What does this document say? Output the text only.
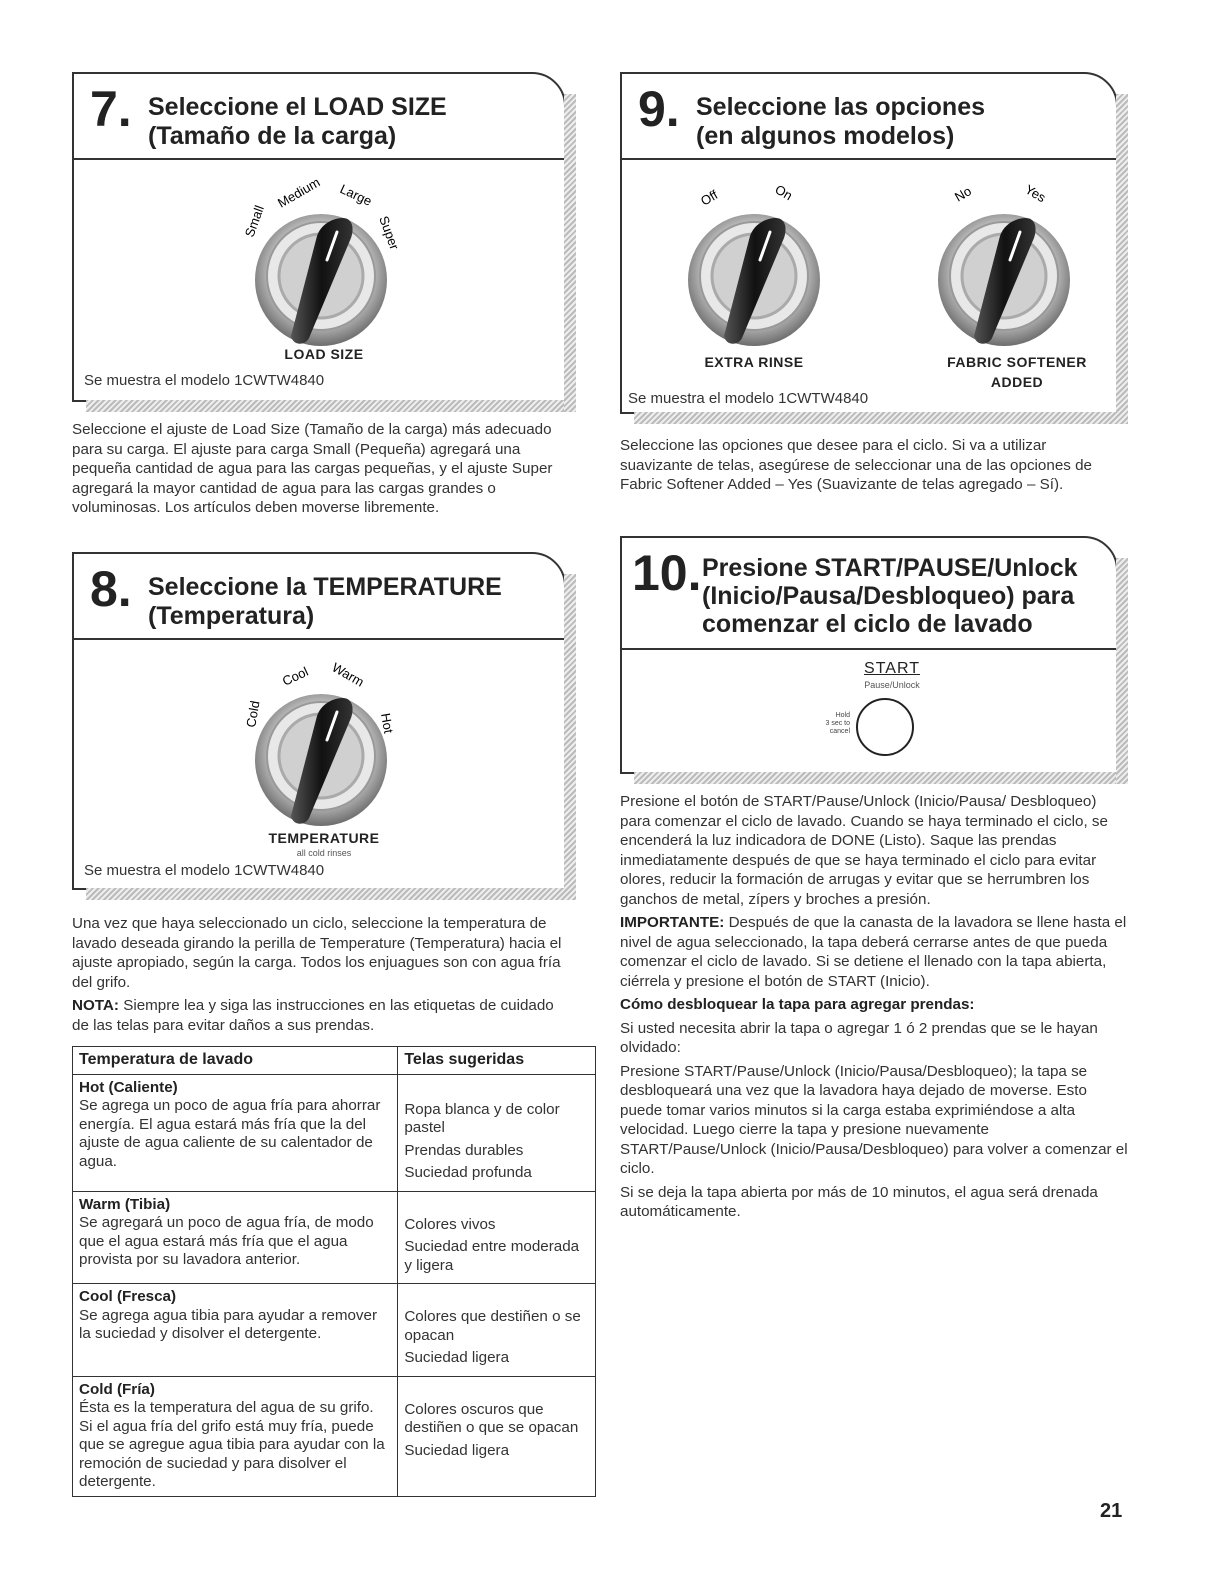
7. Seleccione el LOAD SIZE
(Tamaño de la carga)
Small
Medium Large
Super
LOAD SIZE
Se muestra el modelo 1CWTW4840
Seleccione el ajuste de Load Size (Tamaño de la carga) más adecuado para su carga. El ajuste para carga Small (Pequeña) agregará una pequeña cantidad de agua para las cargas pequeñas, y el ajuste Super agregará la mayor cantidad de agua para las cargas grandes o voluminosas. Los artículos deben moverse libremente.
8. Seleccione la TEMPERATURE
(Temperatura)
Cold
Cool Warm
Hot
TEMPERATURE
all cold rinses
Se muestra el modelo 1CWTW4840

Una vez que haya seleccionado un ciclo, seleccione la temperatura de lavado deseada girando la perilla de Temperature (Temperatura) hacia el ajuste apropiado, según la carga. Todos los enjuagues son con agua fría del grifo.

NOTA: Siempre lea y siga las instrucciones en las etiquetas de cuidado de las telas para evitar daños a sus prendas.

Temperatura de lavado	Telas sugeridas

Hot (Caliente)
Se agrega un poco de agua fría para ahorrar energía. El agua estará más fría que la del ajuste de agua caliente de su calentador de agua.	Ropa blanca y de color pastel
Prendas durables
Suciedad profunda

Warm (Tibia)
Se agregará un poco de agua fría, de modo que el agua estará más fría que el agua provista por su lavadora anterior.	Colores vivos
Suciedad entre moderada y ligera

Cool (Fresca)
Se agrega agua tibia para ayudar a remover la suciedad y disolver el detergente.	Colores que destiñen o se opacan
Suciedad ligera

Cold (Fría)
Ésta es la temperatura del agua de su grifo. Si el agua fría del grifo está muy fría, puede que se agregue agua tibia para ayudar con la remoción de suciedad y para disolver el detergente.	Colores oscuros que destiñen o que se opacan
Suciedad ligera
9. Seleccione las opciones
(en algunos modelos)
Off	On	No	Yes
EXTRA RINSE	FABRIC SOFTENER
ADDED
Se muestra el modelo 1CWTW4840
Seleccione las opciones que desee para el ciclo. Si va a utilizar suavizante de telas, asegúrese de seleccionar una de las opciones de Fabric Softener Added – Yes (Suavizante de telas agregado – Sí).
10. Presione START/PAUSE/Unlock
(Inicio/Pausa/Desbloqueo) para
comenzar el ciclo de lavado
START
Pause/Unlock
Hold
3 sec to
cancel

Presione el botón de START/Pause/Unlock (Inicio/Pausa/ Desbloqueo) para comenzar el ciclo de lavado. Cuando se haya terminado el ciclo, se encenderá la luz indicadora de DONE (Listo). Saque las prendas inmediatamente después de que se haya terminado el ciclo para evitar olores, reducir la formación de arrugas y evitar que se herrumbren los ganchos de metal, zípers y broches a presión.

IMPORTANTE: Después de que la canasta de la lavadora se llene hasta el nivel de agua seleccionado, la tapa deberá cerrarse antes de que pueda comenzar el ciclo de lavado. Si se detiene el llenado con la tapa abierta, ciérrela y presione el botón de START (Inicio).

Cómo desbloquear la tapa para agregar prendas:

Si usted necesita abrir la tapa o agregar 1 ó 2 prendas que se le hayan olvidado:

Presione START/Pause/Unlock (Inicio/Pausa/Desbloqueo); la tapa se desbloqueará una vez que la lavadora haya dejado de moverse. Esto puede tomar varios minutos si la carga estaba exprimiéndose a alta velocidad. Luego cierre la tapa y presione nuevamente START/Pause/Unlock (Inicio/Pausa/Desbloqueo) para volver a comenzar el ciclo.

Si se deja la tapa abierta por más de 10 minutos, el agua será drenada automáticamente.

21
